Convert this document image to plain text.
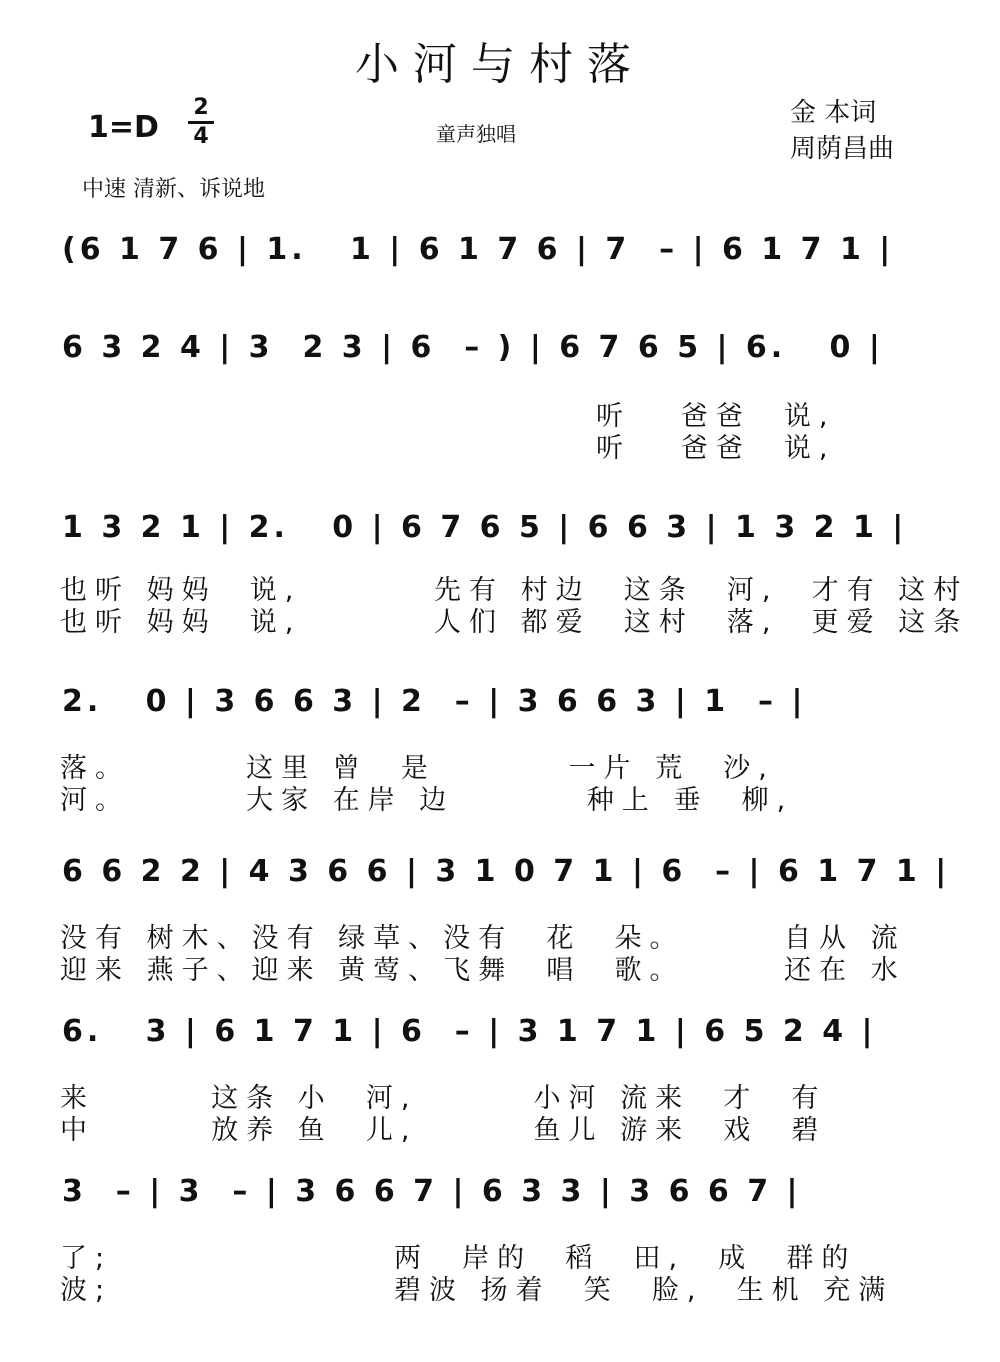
小河与村落
1=D
2
4	童声独唱
金 本词
周荫昌曲
中速 清新、诉说地
(6 1 7 6 | 1.   1 | 6 1 7 6 | 7  – | 6 1 7 1 |
6 3 2 4 | 3  2 3 | 6  – ) | 6 7 6 5 | 6.   0 |
听   爸爸  说,
听   爸爸  说,
1 3 2 1 | 2.   0 | 6 7 6 5 | 6 6 3 | 1 3 2 1 |
也听 妈妈  说,        先有 村边  这条  河,  才有 这村
也听 妈妈  说,        人们 都爱  这村  落,  更爱 这条
2.   0 | 3 6 6 3 | 2  – | 3 6 6 3 | 1  – |
落。       这里 曾  是        一片 荒  沙,
河。       大家 在岸 边        种上 垂  柳,
6 6 2 2 | 4 3 6 6 | 3 1 0 7 1 | 6  – | 6 1 7 1 |
没有 树木、没有 绿草、没有  花  朵。      自从 流
迎来 燕子、迎来 黄莺、飞舞  唱  歌。      还在 水
6.   3 | 6 1 7 1 | 6  – | 3 1 7 1 | 6 5 2 4 |
来       这条 小  河,       小河 流来  才  有
中       放养 鱼  儿,       鱼儿 游来  戏  碧
3  – | 3  – | 3 6 6 7 | 6 3 3 | 3 6 6 7 |
了;                 两  岸的  稻  田,  成  群的
波;                 碧波 扬着  笑  脸,  生机 充满
